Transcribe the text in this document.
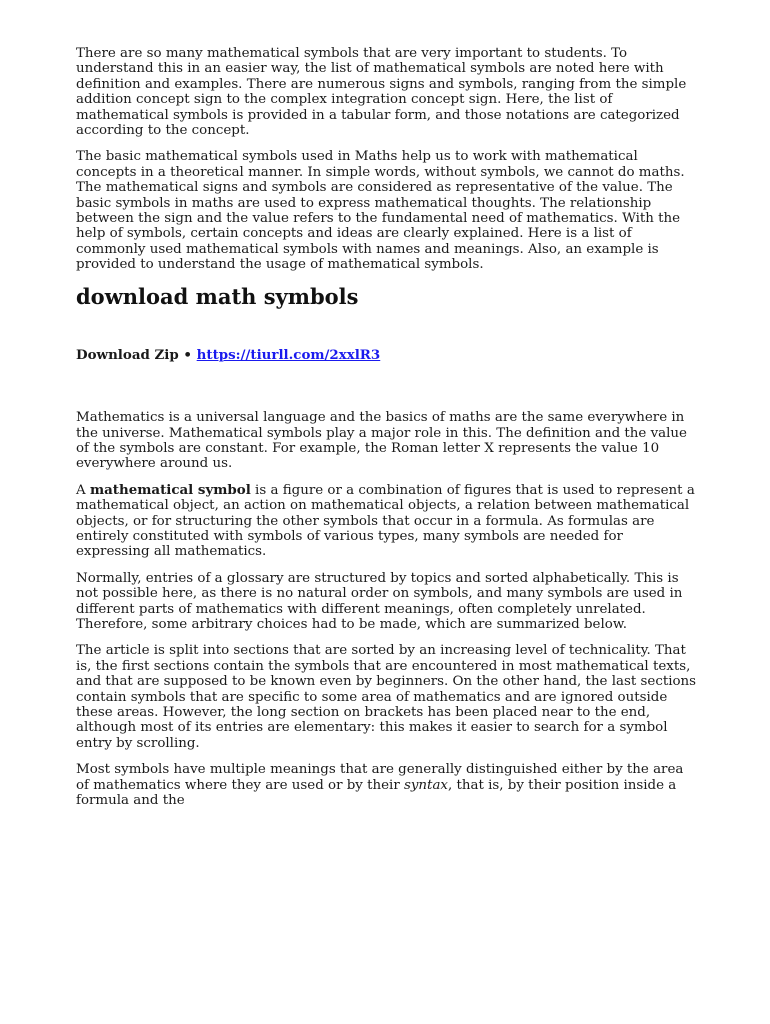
There are so many mathematical symbols that are very important to students. To understand this in an easier way, the list of mathematical symbols are noted here with definition and examples. There are numerous signs and symbols, ranging from the simple addition concept sign to the complex integration concept sign. Here, the list of mathematical symbols is provided in a tabular form, and those notations are categorized according to the concept.

The basic mathematical symbols used in Maths help us to work with mathematical concepts in a theoretical manner. In simple words, without symbols, we cannot do maths. The mathematical signs and symbols are considered as representative of the value. The basic symbols in maths are used to express mathematical thoughts. The relationship between the sign and the value refers to the fundamental need of mathematics. With the help of symbols, certain concepts and ideas are clearly explained. Here is a list of commonly used mathematical symbols with names and meanings. Also, an example is provided to understand the usage of mathematical symbols.

download math symbols
Download Zip • https://tiurll.com/2xxlR3

Mathematics is a universal language and the basics of maths are the same everywhere in the universe. Mathematical symbols play a major role in this. The definition and the value of the symbols are constant. For example, the Roman letter X represents the value 10 everywhere around us.

A mathematical symbol is a figure or a combination of figures that is used to represent a mathematical object, an action on mathematical objects, a relation between mathematical objects, or for structuring the other symbols that occur in a formula. As formulas are entirely constituted with symbols of various types, many symbols are needed for expressing all mathematics.

Normally, entries of a glossary are structured by topics and sorted alphabetically. This is not possible here, as there is no natural order on symbols, and many symbols are used in different parts of mathematics with different meanings, often completely unrelated. Therefore, some arbitrary choices had to be made, which are summarized below.

The article is split into sections that are sorted by an increasing level of technicality. That is, the first sections contain the symbols that are encountered in most mathematical texts, and that are supposed to be known even by beginners. On the other hand, the last sections contain symbols that are specific to some area of mathematics and are ignored outside these areas. However, the long section on brackets has been placed near to the end, although most of its entries are elementary: this makes it easier to search for a symbol entry by scrolling.

Most symbols have multiple meanings that are generally distinguished either by the area of mathematics where they are used or by their syntax, that is, by their position inside a formula and the
